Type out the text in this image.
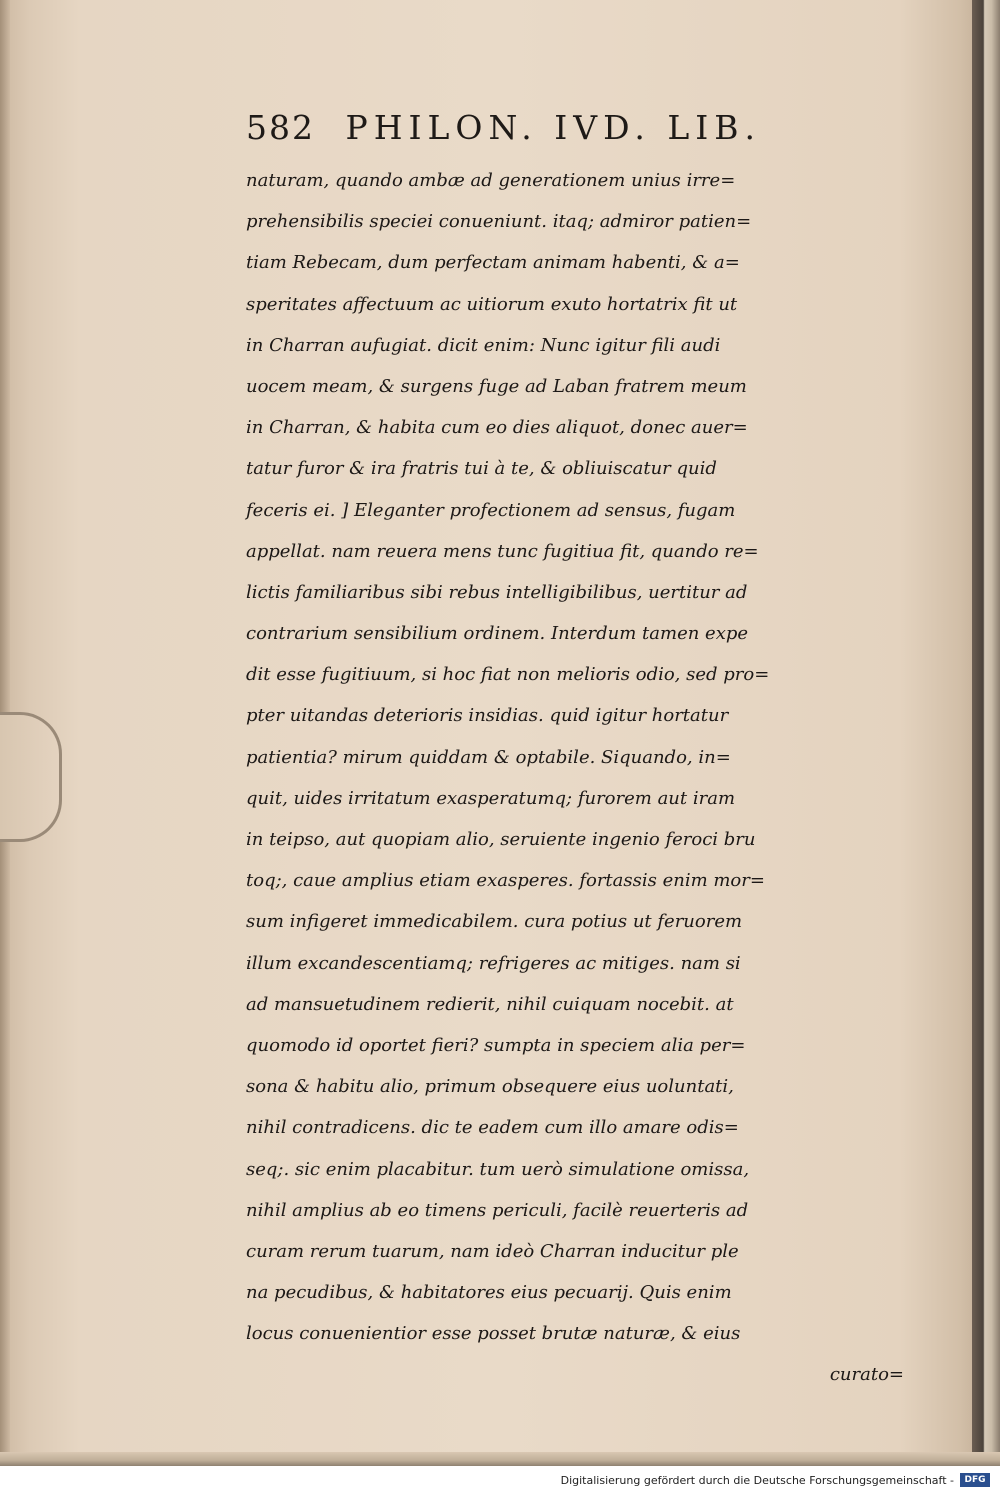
582 PHILON. IVD. LIB.
naturam, quando ambæ ad generationem unius irre=
prehensibilis speciei conueniunt. itaq; admiror patien=
tiam Rebecam, dum perfectam animam habenti, & a=
speritates affectuum ac uitiorum exuto hortatrix fit ut
in Charran aufugiat. dicit enim: Nunc igitur fili audi
uocem meam, & surgens fuge ad Laban fratrem meum
in Charran, & habita cum eo dies aliquot, donec auer=
tatur furor & ira fratris tui à te, & obliuiscatur quid
feceris ei. ] Eleganter profectionem ad sensus, fugam
appellat. nam reuera mens tunc fugitiua fit, quando re=
lictis familiaribus sibi rebus intelligibilibus, uertitur ad
contrarium sensibilium ordinem. Interdum tamen expe
dit esse fugitiuum, si hoc fiat non melioris odio, sed pro=
pter uitandas deterioris insidias. quid igitur hortatur
patientia? mirum quiddam & optabile. Siquando, in=
quit, uides irritatum exasperatumq; furorem aut iram
in teipso, aut quopiam alio, seruiente ingenio feroci bru
toq;, caue amplius etiam exasperes. fortassis enim mor=
sum infigeret immedicabilem. cura potius ut feruorem
illum excandescentiamq; refrigeres ac mitiges. nam si
ad mansuetudinem redierit, nihil cuiquam nocebit. at
quomodo id oportet fieri? sumpta in speciem alia per=
sona & habitu alio, primum obsequere eius uoluntati,
nihil contradicens. dic te eadem cum illo amare odis=
seq;. sic enim placabitur. tum uerò simulatione omissa,
nihil amplius ab eo timens periculi, facilè reuerteris ad
curam rerum tuarum, nam ideò Charran inducitur ple
na pecudibus, & habitatores eius pecuarij. Quis enim
locus conuenientior esse posset brutæ naturæ, & eius
curato=
Digitalisierung gefördert durch die Deutsche Forschungsgemeinschaft -	DFG
